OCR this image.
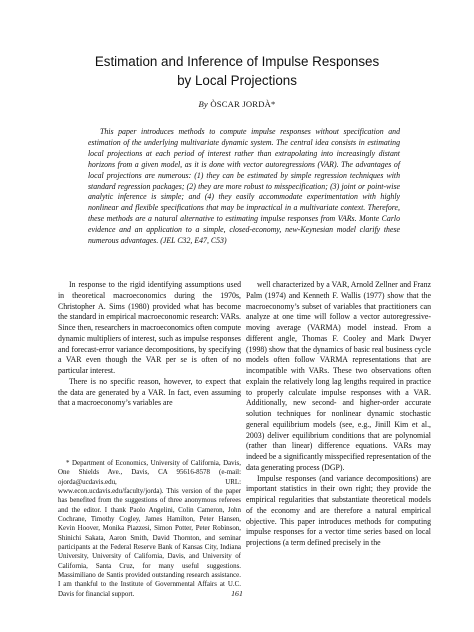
Estimation and Inference of Impulse Responses
by Local Projections
By ÒSCAR JORDÀ*

This paper introduces methods to compute impulse responses without specification and estimation of the underlying multivariate dynamic system. The central idea consists in estimating local projections at each period of interest rather than extrapolating into increasingly distant horizons from a given model, as it is done with vector autoregressions (VAR). The advantages of local projections are numerous: (1) they can be estimated by simple regression techniques with standard regression packages; (2) they are more robust to misspecification; (3) joint or point-wise analytic inference is simple; and (4) they easily accommodate experimentation with highly nonlinear and flexible specifications that may be impractical in a multivariate context. Therefore, these methods are a natural alternative to estimating impulse responses from VARs. Monte Carlo evidence and an application to a simple, closed-economy, new-Keynesian model clarify these numerous advantages. (JEL C32, E47, C53)

In response to the rigid identifying assumptions used in theoretical macroeconomics during the 1970s, Christopher A. Sims (1980) provided what has become the standard in empirical macroeconomic research: VARs. Since then, researchers in macroeconomics often compute dynamic multipliers of interest, such as impulse responses and forecast-error variance decompositions, by specifying a VAR even though the VAR per se is often of no particular interest.

There is no specific reason, however, to expect that the data are generated by a VAR. In fact, even assuming that a macroeconomy’s variables are

* Department of Economics, University of California, Davis, One Shields Ave., Davis, CA 95616-8578 (e-mail: ojorda@ucdavis.edu, URL: www.econ.ucdavis.edu/faculty/jorda). This version of the paper has benefited from the suggestions of three anonymous referees and the editor. I thank Paolo Angelini, Colin Cameron, John Cochrane, Timothy Cogley, James Hamilton, Peter Hansen, Kevin Hoover, Monika Piazzesi, Simon Potter, Peter Robinson, Shinichi Sakata, Aaron Smith, David Thornton, and seminar participants at the Federal Reserve Bank of Kansas City, Indiana University, University of California, Davis, and University of California, Santa Cruz, for many useful suggestions. Massimiliano de Santis provided outstanding research assistance. I am thankful to the Institute of Governmental Affairs at U.C. Davis for financial support.

well characterized by a VAR, Arnold Zellner and Franz Palm (1974) and Kenneth F. Wallis (1977) show that the macroeconomy’s subset of variables that practitioners can analyze at one time will follow a vector autoregressive-moving average (VARMA) model instead. From a different angle, Thomas F. Cooley and Mark Dwyer (1998) show that the dynamics of basic real business cycle models often follow VARMA representations that are incompatible with VARs. These two observations often explain the relatively long lag lengths required in practice to properly calculate impulse responses with a VAR. Additionally, new second- and higher-order accurate solution techniques for nonlinear dynamic stochastic general equilibrium models (see, e.g., Jinill Kim et al., 2003) deliver equilibrium conditions that are polynomial (rather than linear) difference equations. VARs may indeed be a significantly misspecified representation of the data generating process (DGP).

Impulse responses (and variance decompositions) are important statistics in their own right; they provide the empirical regularities that substantiate theoretical models of the economy and are therefore a natural empirical objective. This paper introduces methods for computing impulse responses for a vector time series based on local projections (a term defined precisely in the

161
